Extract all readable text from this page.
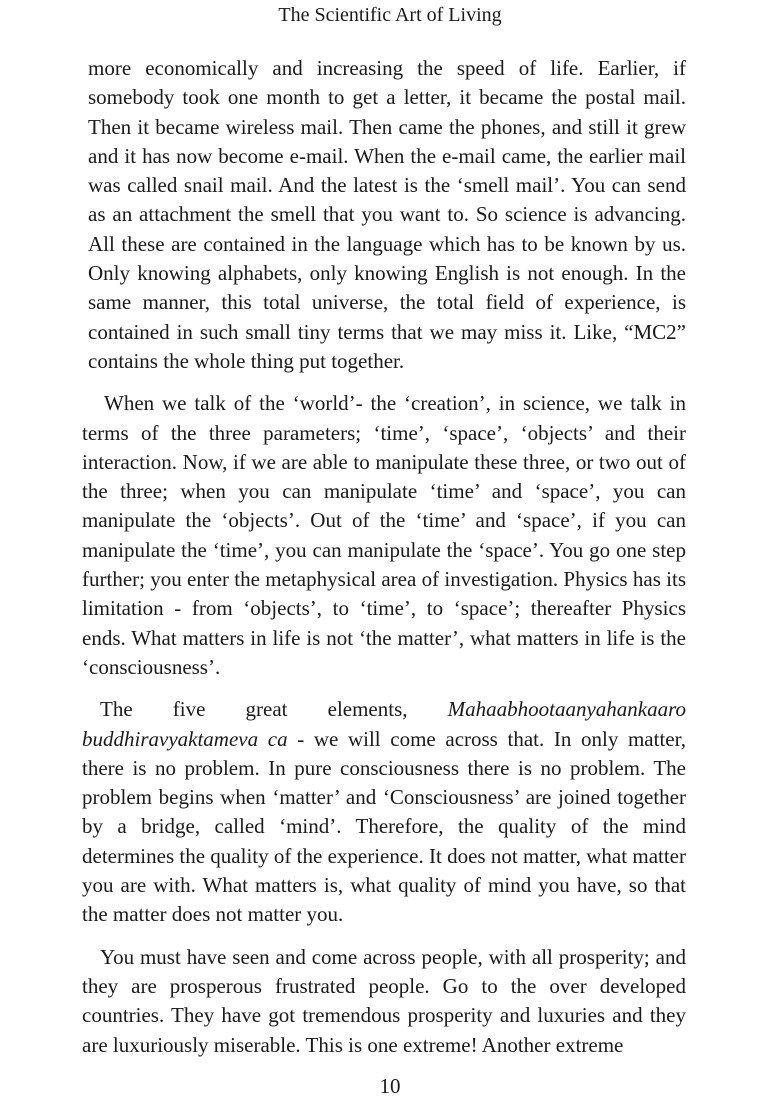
The Scientific Art of Living

more economically and increasing the speed of life. Earlier, if somebody took one month to get a letter, it became the postal mail. Then it became wireless mail. Then came the phones, and still it grew and it has now become e-mail. When the e-mail came, the earlier mail was called snail mail. And the latest is the ‘smell mail’. You can send as an attachment the smell that you want to. So science is advancing. All these are contained in the language which has to be known by us. Only knowing alphabets, only knowing English is not enough. In the same manner, this total universe, the total field of experience, is contained in such small tiny terms that we may miss it. Like, “MC2” contains the whole thing put together.

When we talk of the ‘world’- the ‘creation’, in science, we talk in terms of the three parameters; ‘time’, ‘space’, ‘objects’ and their interaction. Now, if we are able to manipulate these three, or two out of the three; when you can manipulate ‘time’ and ‘space’, you can manipulate the ‘objects’. Out of the ‘time’ and ‘space’, if you can manipulate the ‘time’, you can manipulate the ‘space’. You go one step further; you enter the metaphysical area of investigation. Physics has its limitation - from ‘objects’, to ‘time’, to ‘space’; thereafter Physics ends. What matters in life is not ‘the matter’, what matters in life is the ‘consciousness’.

The five great elements, Mahaabhootaanyahankaaro buddhiravyaktameva ca - we will come across that. In only matter, there is no problem. In pure consciousness there is no problem. The problem begins when ‘matter’ and ‘Consciousness’ are joined together by a bridge, called ‘mind’. Therefore, the quality of the mind determines the quality of the experience. It does not matter, what matter you are with. What matters is, what quality of mind you have, so that the matter does not matter you.

You must have seen and come across people, with all prosperity; and they are prosperous frustrated people. Go to the over developed countries. They have got tremendous prosperity and luxuries and they are luxuriously miserable. This is one extreme! Another extreme

10
